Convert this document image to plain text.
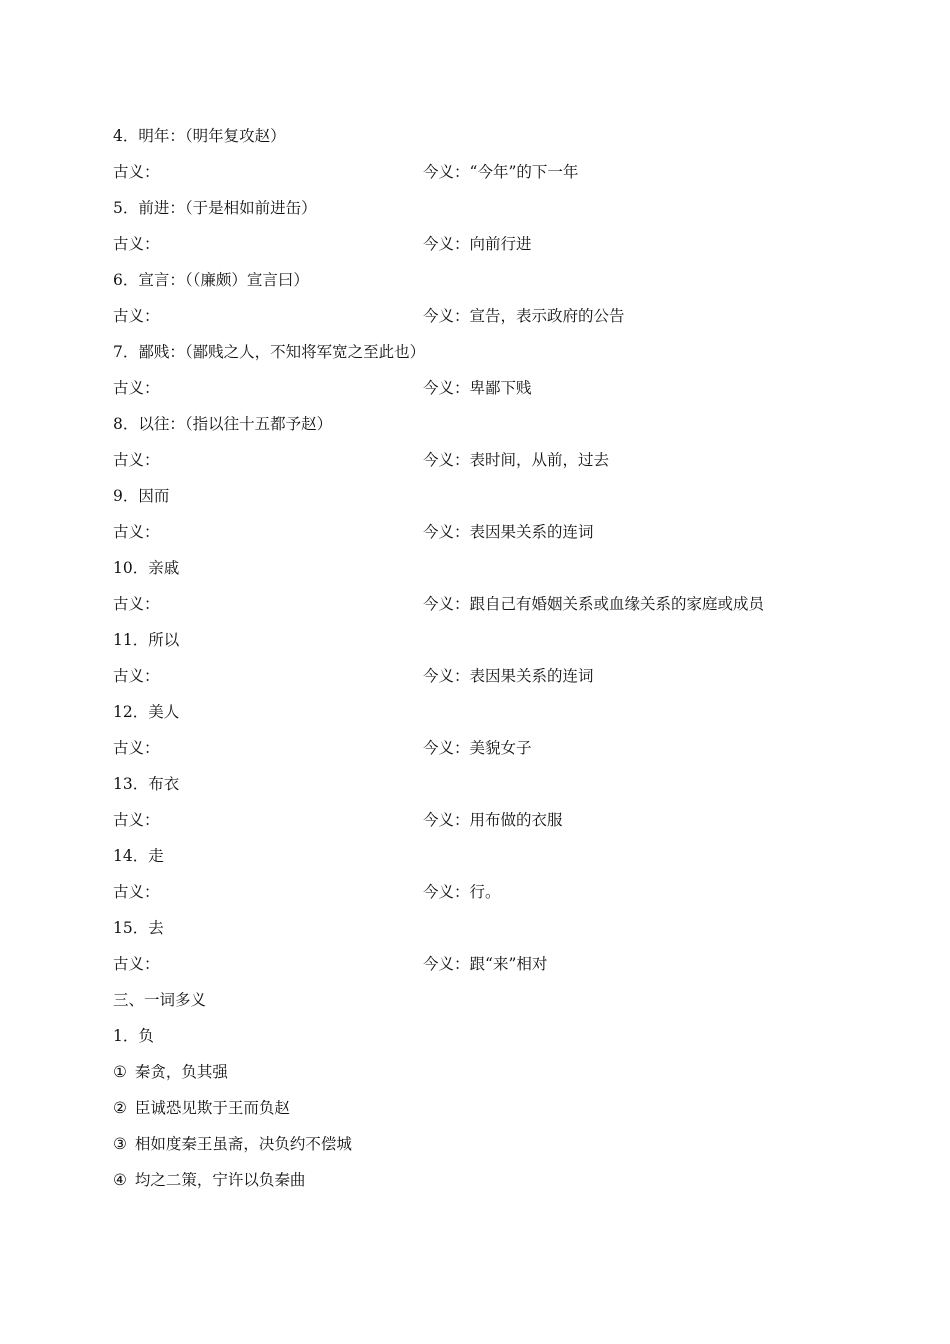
4．明年：（明年复攻赵）
古义：	今义：“今年”的下一年
5．前进：（于是相如前进缶）
古义：	今义：向前行进
6．宣言：（（廉颇）宣言曰）
古义：	今义：宣告，表示政府的公告
7．鄙贱：（鄙贱之人，不知将军宽之至此也）
古义：	今义：卑鄙下贱
8．以往：（指以往十五都予赵）
古义：	今义：表时间，从前，过去
9．因而
古义：	今义：表因果关系的连词
10．亲戚
古义：	今义：跟自己有婚姻关系或血缘关系的家庭或成员
11．所以
古义：	今义：表因果关系的连词
12．美人
古义：	今义：美貌女子
13．布衣
古义：	今义：用布做的衣服
14．走
古义：	今义：行。
15．去
古义：	今义：跟“来”相对
三、一词多义
1．负
① 秦贪，负其强
② 臣诚恐见欺于王而负赵
③ 相如度秦王虽斋，决负约不偿城
④ 均之二策，宁许以负秦曲
